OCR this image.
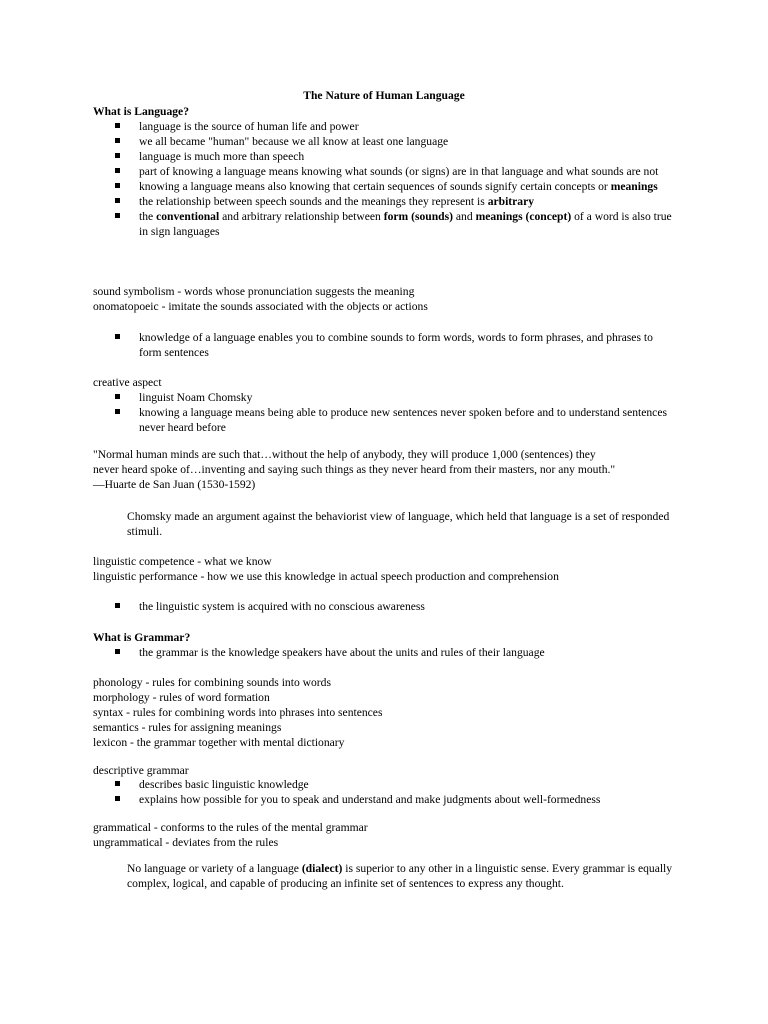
The Nature of Human Language
What is Language?
language is the source of human life and power
we all became "human" because we all know at least one language
language is much more than speech
part of knowing a language means knowing what sounds (or signs) are in that language and what sounds are not
knowing a language means also knowing that certain sequences of sounds signify certain concepts or meanings
the relationship between speech sounds and the meanings they represent is arbitrary
the conventional and arbitrary relationship between form (sounds) and meanings (concept) of a word is also true in sign languages
sound symbolism - words whose pronunciation suggests the meaning
onomatopoeic - imitate the sounds associated with the objects or actions
knowledge of a language enables you to combine sounds to form words, words to form phrases, and phrases to form sentences
creative aspect
linguist Noam Chomsky
knowing a language means being able to produce new sentences never spoken before and to understand sentences never heard before
"Normal human minds are such that…without the help of anybody, they will produce 1,000 (sentences) they
never heard spoke of…inventing and saying such things as they never heard from their masters, nor any mouth."
—Huarte de San Juan (1530-1592)
Chomsky made an argument against the behaviorist view of language, which held that language is a set of responded stimuli.
linguistic competence - what we know
linguistic performance - how we use this knowledge in actual speech production and comprehension
the linguistic system is acquired with no conscious awareness
What is Grammar?
the grammar is the knowledge speakers have about the units and rules of their language
phonology - rules for combining sounds into words
morphology - rules of word formation
syntax - rules for combining words into phrases into sentences
semantics - rules for assigning meanings
lexicon - the grammar together with mental dictionary
descriptive grammar
describes basic linguistic knowledge
explains how possible for you to speak and understand and make judgments about well-formedness
grammatical - conforms to the rules of the mental grammar
ungrammatical - deviates from the rules
No language or variety of a language (dialect) is superior to any other in a linguistic sense. Every grammar is equally complex, logical, and capable of producing an infinite set of sentences to express any thought.
